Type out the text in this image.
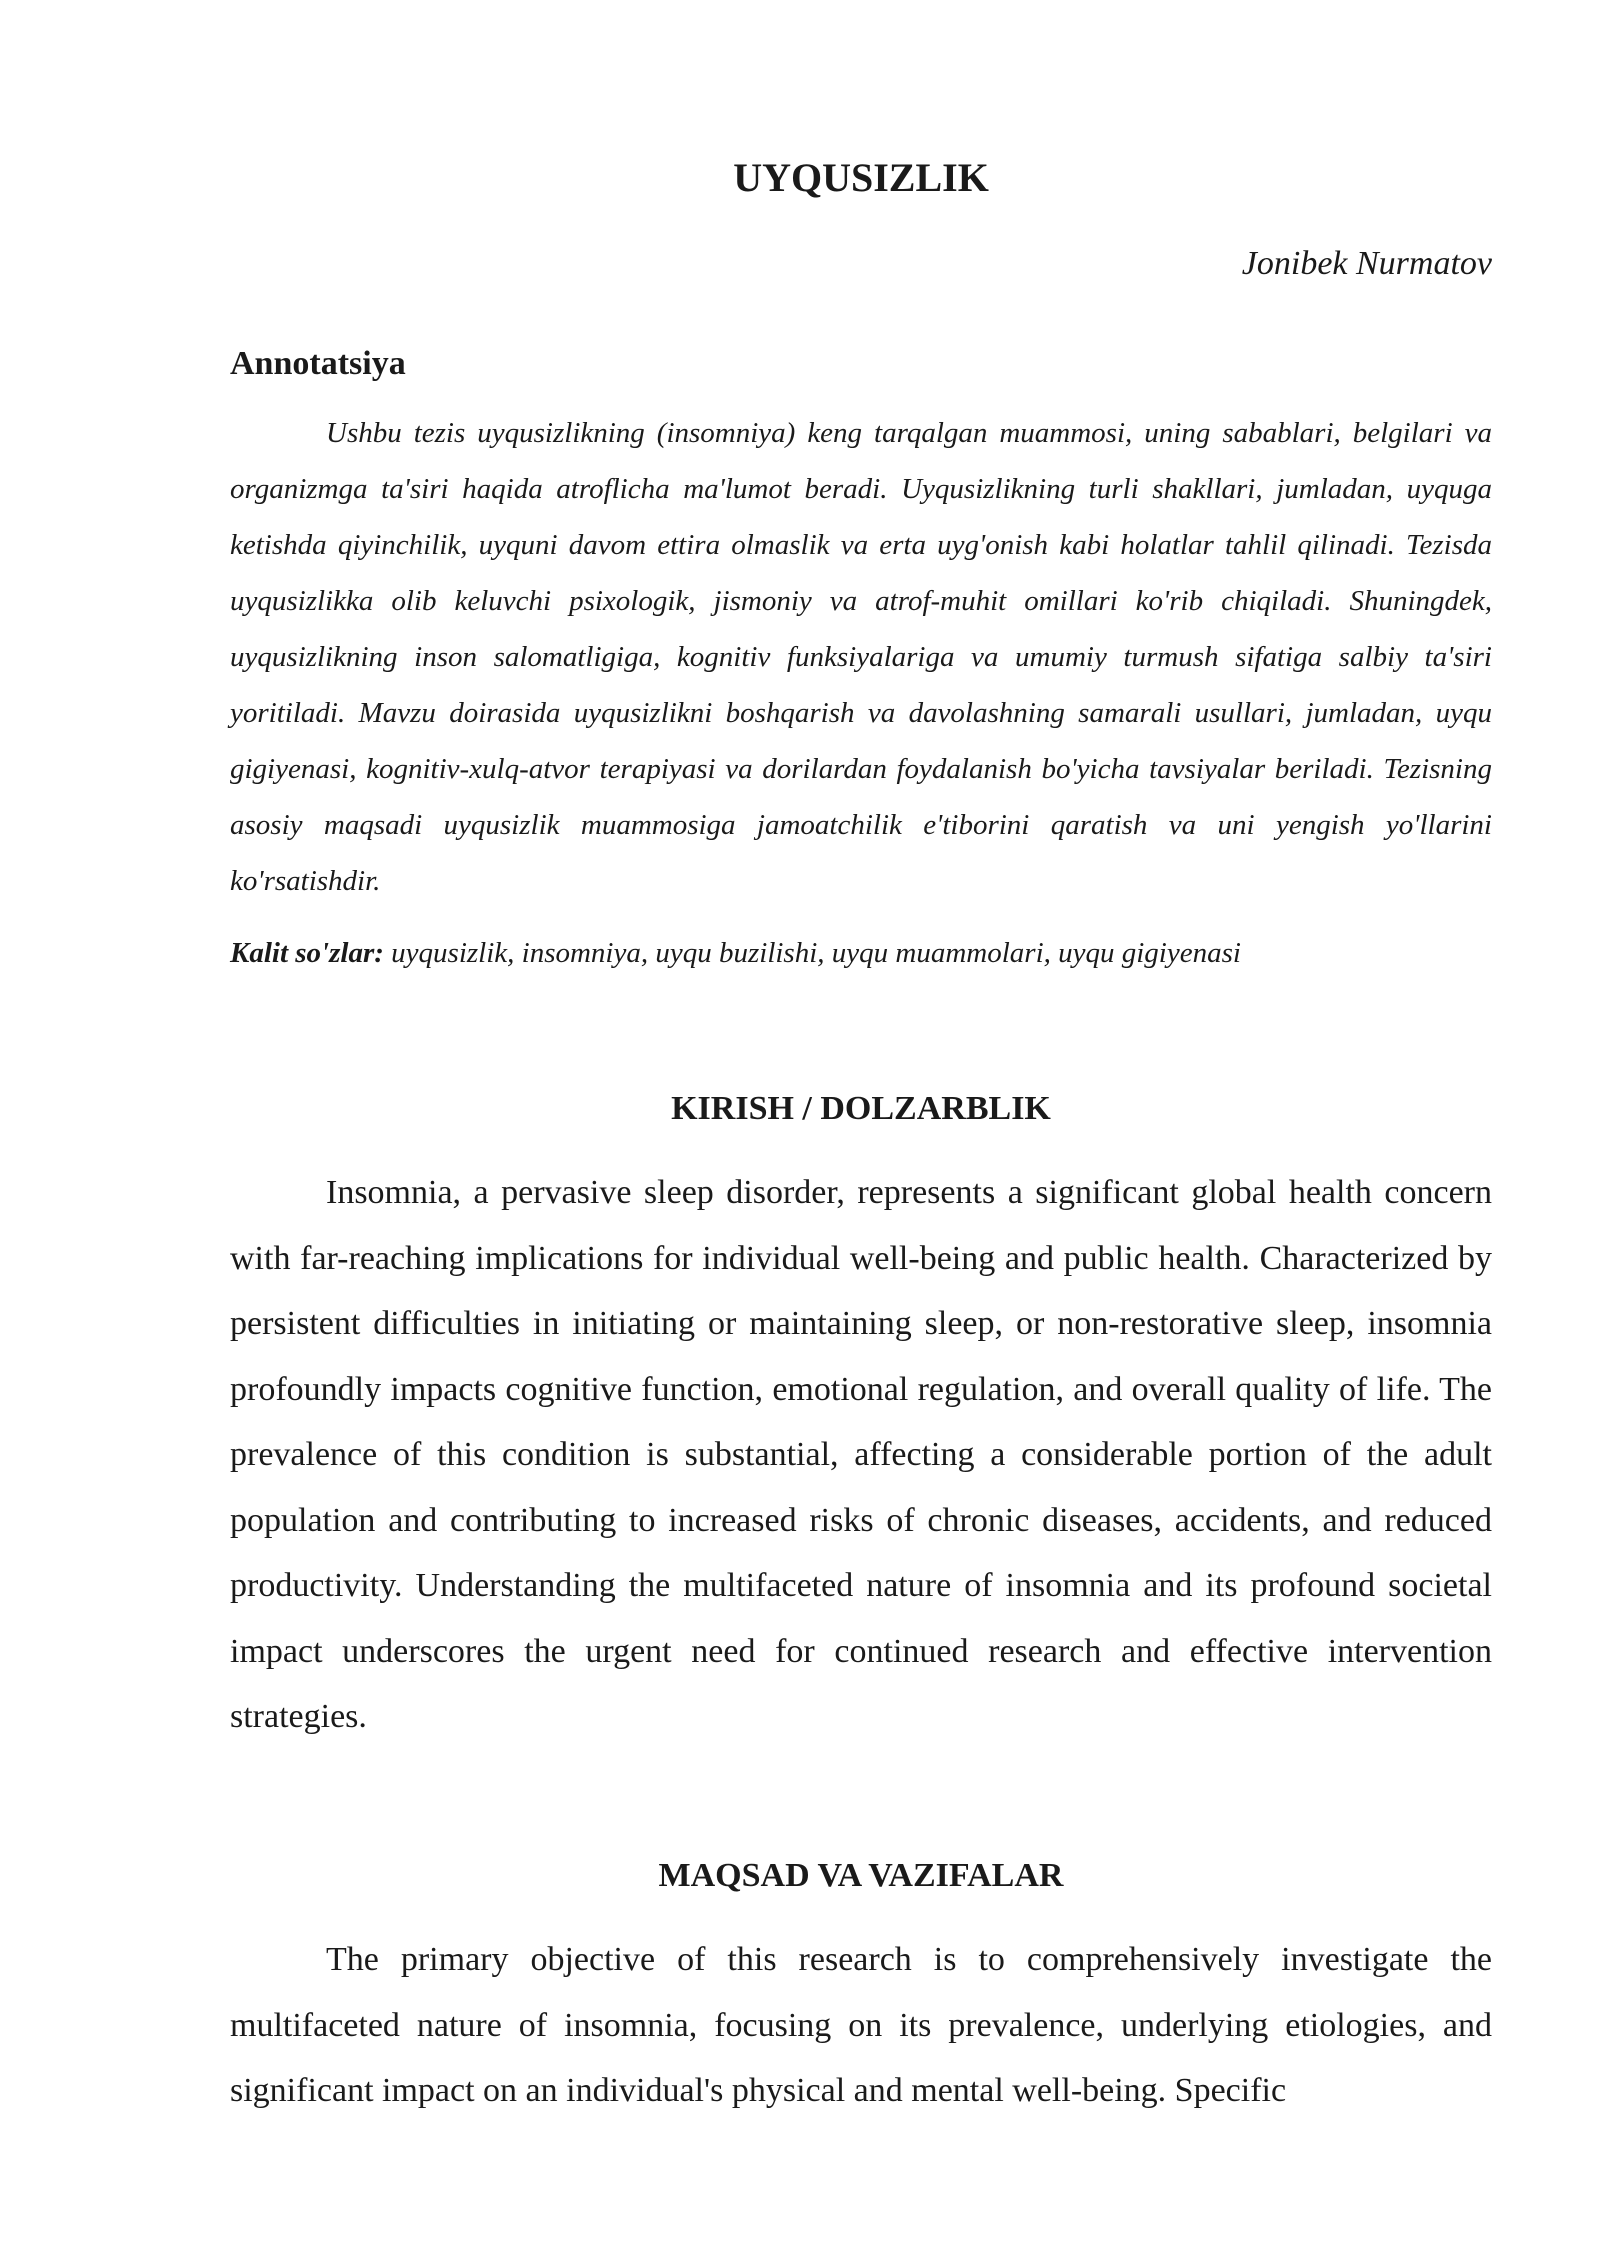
UYQUSIZLIK

Jonibek Nurmatov

Annotatsiya

Ushbu tezis uyqusizlikning (insomniya) keng tarqalgan muammosi, uning sabablari, belgilari va organizmga ta'siri haqida atroflicha ma'lumot beradi. Uyqusizlikning turli shakllari, jumladan, uyquga ketishda qiyinchilik, uyquni davom ettira olmaslik va erta uyg'onish kabi holatlar tahlil qilinadi. Tezisda uyqusizlikka olib keluvchi psixologik, jismoniy va atrof-muhit omillari ko'rib chiqiladi. Shuningdek, uyqusizlikning inson salomatligiga, kognitiv funksiyalariga va umumiy turmush sifatiga salbiy ta'siri yoritiladi. Mavzu doirasida uyqusizlikni boshqarish va davolashning samarali usullari, jumladan, uyqu gigiyenasi, kognitiv-xulq-atvor terapiyasi va dorilardan foydalanish bo'yicha tavsiyalar beriladi. Tezisning asosiy maqsadi uyqusizlik muammosiga jamoatchilik e'tiborini qaratish va uni yengish yo'llarini ko'rsatishdir.

Kalit so'zlar: uyqusizlik, insomniya, uyqu buzilishi, uyqu muammolari, uyqu gigiyenasi

KIRISH / DOLZARBLIK

Insomnia, a pervasive sleep disorder, represents a significant global health concern with far-reaching implications for individual well-being and public health. Characterized by persistent difficulties in initiating or maintaining sleep, or non-restorative sleep, insomnia profoundly impacts cognitive function, emotional regulation, and overall quality of life. The prevalence of this condition is substantial, affecting a considerable portion of the adult population and contributing to increased risks of chronic diseases, accidents, and reduced productivity. Understanding the multifaceted nature of insomnia and its profound societal impact underscores the urgent need for continued research and effective intervention strategies.

MAQSAD VA VAZIFALAR

The primary objective of this research is to comprehensively investigate the multifaceted nature of insomnia, focusing on its prevalence, underlying etiologies, and significant impact on an individual's physical and mental well-being. Specific
